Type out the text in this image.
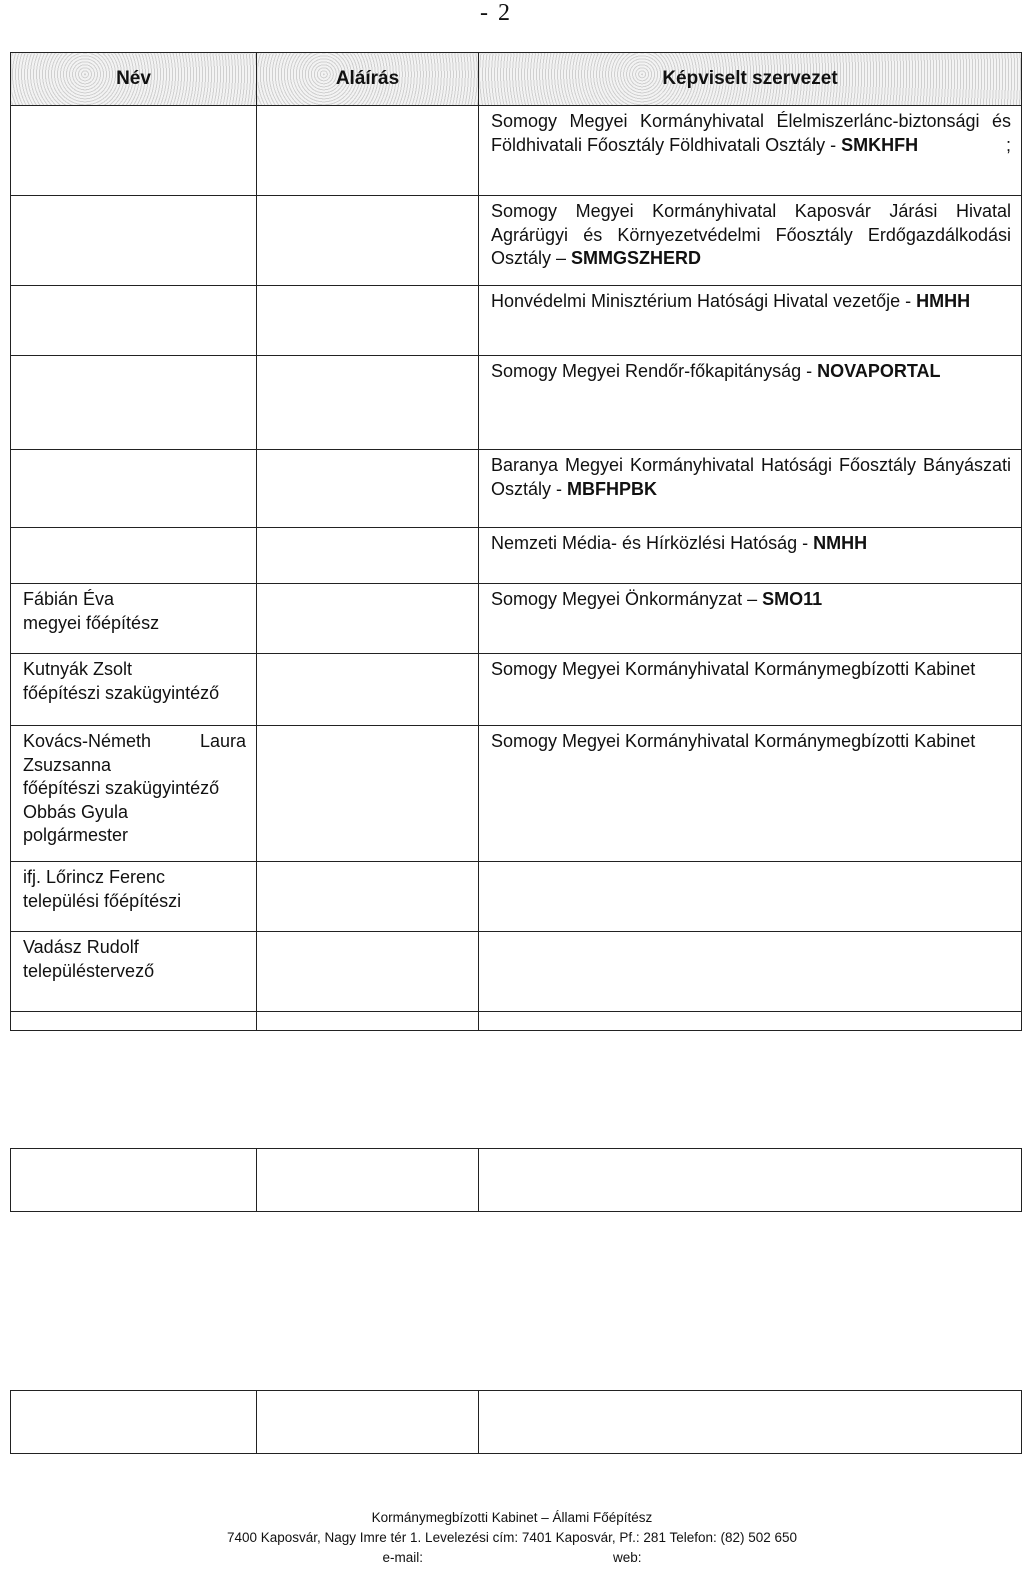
- 2
Név	Aláírás	Képviselt szervezet
		Somogy Megyei Kormányhivatal Élelmiszerlánc-biztonsági és Földhivatali Főosztály Földhivatali Osztály - SMKHFH ;

		Somogy Megyei Kormányhivatal Kaposvár Járási Hivatal Agrárügyi és Környezetvédelmi Főosztály Erdőgazdálkodási Osztály – SMMGSZHERD

		Honvédelmi Minisztérium Hatósági Hivatal vezetője - HMHH

		Somogy Megyei Rendőr-főkapitányság - NOVAPORTAL

		Baranya Megyei Kormányhivatal Hatósági Főosztály Bányászati Osztály - MBFHPBK

		Nemzeti Média- és Hírközlési Hatóság - NMHH

Fábián Éva
megyei főépítész		Somogy Megyei Önkormányzat – SMO11

Kutnyák Zsolt
főépítészi szakügyintéző		Somogy Megyei Kormányhivatal Kormánymegbízotti Kabinet

Kovács-Németh Laura Zsuzsanna
főépítészi szakügyintéző
Obbás Gyula
polgármester		Somogy Megyei Kormányhivatal Kormánymegbízotti Kabinet

ifj. Lőrincz Ferenc
települési főépítészi		

Vadász Rudolf
településtervező		

Kormánymegbízotti Kabinet – Állami Főépítész
7400 Kaposvár, Nagy Imre tér 1. Levelezési cím: 7401 Kaposvár, Pf.: 281 Telefon: (82) 502 650
e-mail:	web:
